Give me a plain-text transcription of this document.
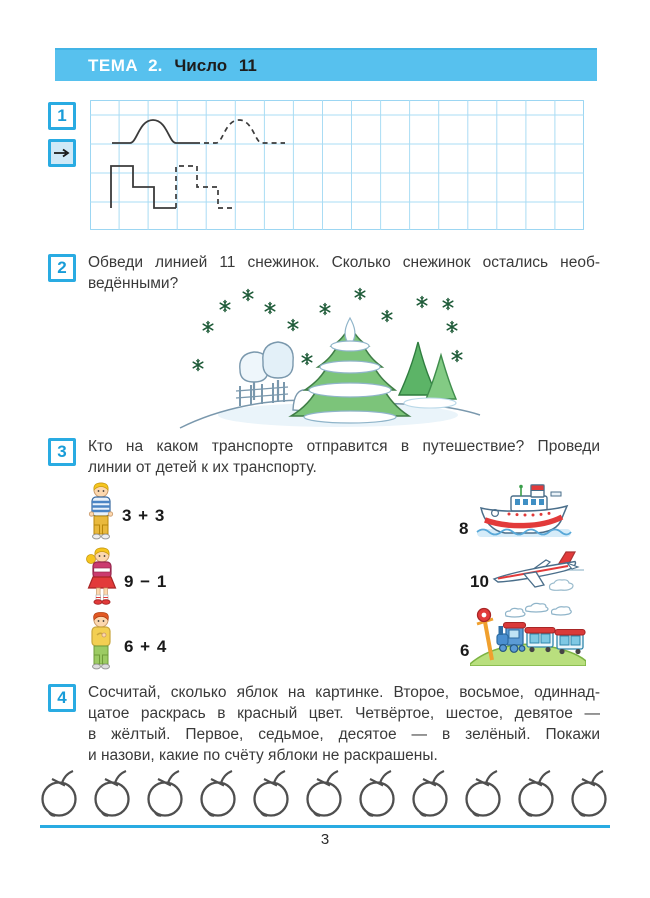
ТЕМА 2. Число 11
1
2 Обведи линией 11 снежинок. Сколько снежинок остались необ-
ведёнными?
3 Кто на каком транспорте отправится в путешествие? Проведи
линии от детей к их транспорту.
3 + 3
9 − 1
6 + 4
8
10
6
4 Сосчитай, сколько яблок на картинке. Второе, восьмое, одиннад-
цатое раскрась в красный цвет. Четвёртое, шестое, девятое —
в жёлтый. Первое, седьмое, десятое — в зелёный. Покажи
и назови, какие по счёту яблоки не раскрашены.
3
